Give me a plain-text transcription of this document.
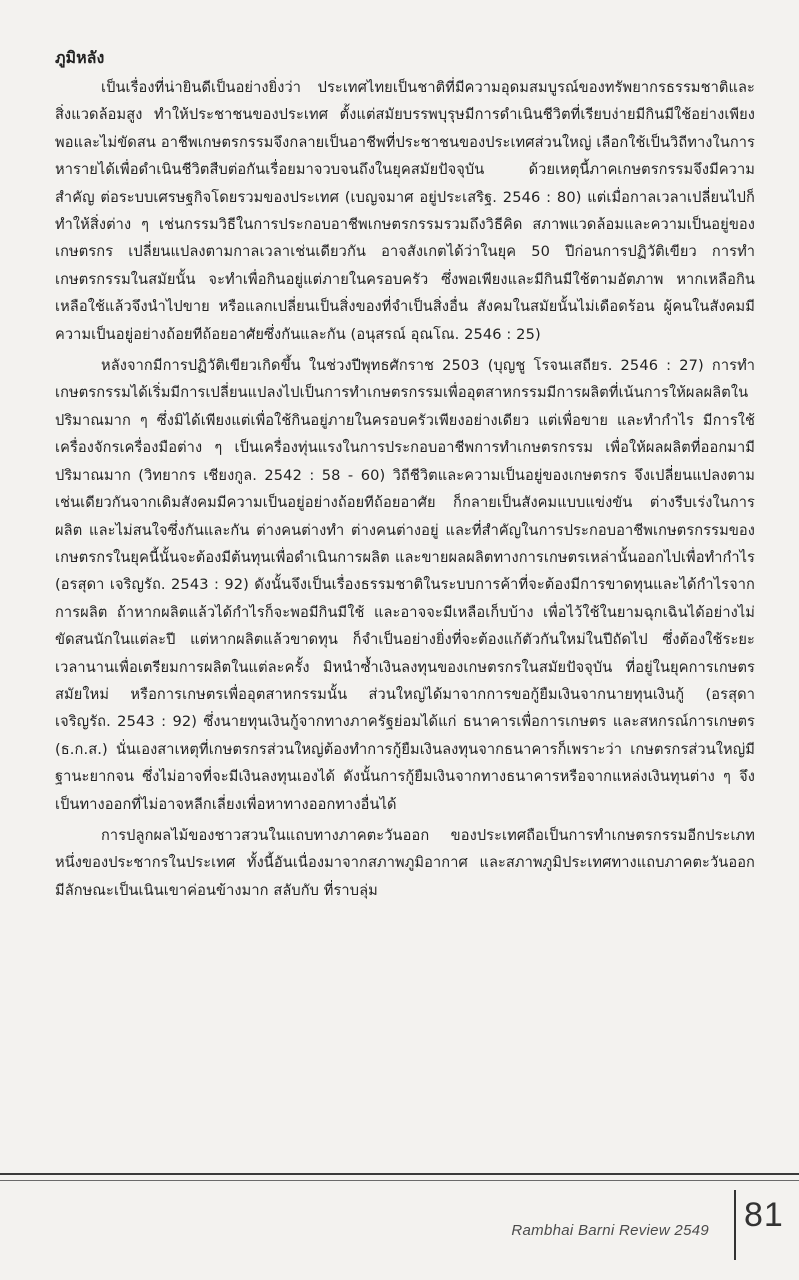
ภูมิหลัง

เป็นเรื่องที่น่ายินดีเป็นอย่างยิ่งว่า ประเทศไทยเป็นชาติที่มีความอุดมสมบูรณ์ของทรัพยากรธรรมชาติและสิ่งแวดล้อมสูง ทำให้ประชาชนของประเทศ ตั้งแต่สมัยบรรพบุรุษมีการดำเนินชีวิตที่เรียบง่ายมีกินมีใช้อย่างเพียงพอและไม่ขัดสน อาชีพเกษตรกรรมจึงกลายเป็นอาชีพที่ประชาชนของประเทศส่วนใหญ่ เลือกใช้เป็นวิถีทางในการหารายได้เพื่อดำเนินชีวิตสืบต่อกันเรื่อยมาจวบจนถึงในยุคสมัยปัจจุบัน ด้วยเหตุนี้ภาคเกษตรกรรมจึงมีความสำคัญ ต่อระบบเศรษฐกิจโดยรวมของประเทศ (เบญจมาศ อยู่ประเสริฐ. 2546 : 80) แต่เมื่อกาลเวลาเปลี่ยนไปก็ทำให้สิ่งต่าง ๆ เช่นกรรมวิธีในการประกอบอาชีพเกษตรกรรมรวมถึงวิธีคิด สภาพแวดล้อมและความเป็นอยู่ของเกษตรกร เปลี่ยนแปลงตามกาลเวลาเช่นเดียวกัน อาจสังเกตได้ว่าในยุค 50 ปีก่อนการปฏิวัติเขียว การทำเกษตรกรรมในสมัยนั้น จะทำเพื่อกินอยู่แต่ภายในครอบครัว ซึ่งพอเพียงและมีกินมีใช้ตามอัตภาพ หากเหลือกินเหลือใช้แล้วจึงนำไปขาย หรือแลกเปลี่ยนเป็นสิ่งของที่จำเป็นสิ่งอื่น สังคมในสมัยนั้นไม่เดือดร้อน ผู้คนในสังคมมีความเป็นอยู่อย่างถ้อยทีถ้อยอาศัยซึ่งกันและกัน (อนุสรณ์ อุณโณ. 2546 : 25)

หลังจากมีการปฏิวัติเขียวเกิดขึ้น ในช่วงปีพุทธศักราช 2503 (บุญชู โรจนเสถียร. 2546 : 27) การทำเกษตรกรรมได้เริ่มมีการเปลี่ยนแปลงไปเป็นการทำเกษตรกรรมเพื่ออุตสาหกรรมมีการผลิตที่เน้นการให้ผลผลิตในปริมาณมาก ๆ ซึ่งมิได้เพียงแต่เพื่อใช้กินอยู่ภายในครอบครัวเพียงอย่างเดียว แต่เพื่อขาย และทำกำไร มีการใช้เครื่องจักรเครื่องมือต่าง ๆ เป็นเครื่องทุ่นแรงในการประกอบอาชีพการทำเกษตรกรรม เพื่อให้ผลผลิตที่ออกมามีปริมาณมาก (วิทยากร เชียงกูล. 2542 : 58 - 60) วิถีชีวิตและความเป็นอยู่ของเกษตรกร จึงเปลี่ยนแปลงตามเช่นเดียวกันจากเดิมสังคมมีความเป็นอยู่อย่างถ้อยทีถ้อยอาศัย ก็กลายเป็นสังคมแบบแข่งขัน ต่างรีบเร่งในการผลิต และไม่สนใจซึ่งกันและกัน ต่างคนต่างทำ ต่างคนต่างอยู่ และที่สำคัญในการประกอบอาชีพเกษตรกรรมของเกษตรกรในยุคนี้นั้นจะต้องมีต้นทุนเพื่อดำเนินการผลิต และขายผลผลิตทางการเกษตรเหล่านั้นออกไปเพื่อทำกำไร (อรสุดา เจริญรัถ. 2543 : 92) ดังนั้นจึงเป็นเรื่องธรรมชาติในระบบการค้าที่จะต้องมีการขาดทุนและได้กำไรจากการผลิต ถ้าหากผลิตแล้วได้กำไรก็จะพอมีกินมีใช้ และอาจจะมีเหลือเก็บบ้าง เพื่อไว้ใช้ในยามฉุกเฉินได้อย่างไม่ขัดสนนักในแต่ละปี แต่หากผลิตแล้วขาดทุน ก็จำเป็นอย่างยิ่งที่จะต้องแก้ตัวกันใหม่ในปีถัดไป ซึ่งต้องใช้ระยะเวลานานเพื่อเตรียมการผลิตในแต่ละครั้ง มิหนำซ้ำเงินลงทุนของเกษตรกรในสมัยปัจจุบัน ที่อยู่ในยุคการเกษตรสมัยใหม่ หรือการเกษตรเพื่ออุตสาหกรรมนั้น ส่วนใหญ่ได้มาจากการขอกู้ยืมเงินจากนายทุนเงินกู้ (อรสุดา เจริญรัถ. 2543 : 92) ซึ่งนายทุนเงินกู้จากทางภาครัฐย่อมได้แก่ ธนาคารเพื่อการเกษตร และสหกรณ์การเกษตร (ธ.ก.ส.) นั่นเองสาเหตุที่เกษตรกรส่วนใหญ่ต้องทำการกู้ยืมเงินลงทุนจากธนาคารก็เพราะว่า เกษตรกรส่วนใหญ่มีฐานะยากจน ซึ่งไม่อาจที่จะมีเงินลงทุนเองได้ ดังนั้นการกู้ยืมเงินจากทางธนาคารหรือจากแหล่งเงินทุนต่าง ๆ จึงเป็นทางออกที่ไม่อาจหลีกเลี่ยงเพื่อหาทางออกทางอื่นได้

การปลูกผลไม้ของชาวสวนในแถบทางภาคตะวันออก ของประเทศถือเป็นการทำเกษตรกรรมอีกประเภทหนึ่งของประชากรในประเทศ ทั้งนี้อันเนื่องมาจากสภาพภูมิอากาศ และสภาพภูมิประเทศทางแถบภาคตะวันออก มีลักษณะเป็นเนินเขาค่อนข้างมาก สลับกับ ที่ราบลุ่ม

Rambhai Barni Review 2549 81
